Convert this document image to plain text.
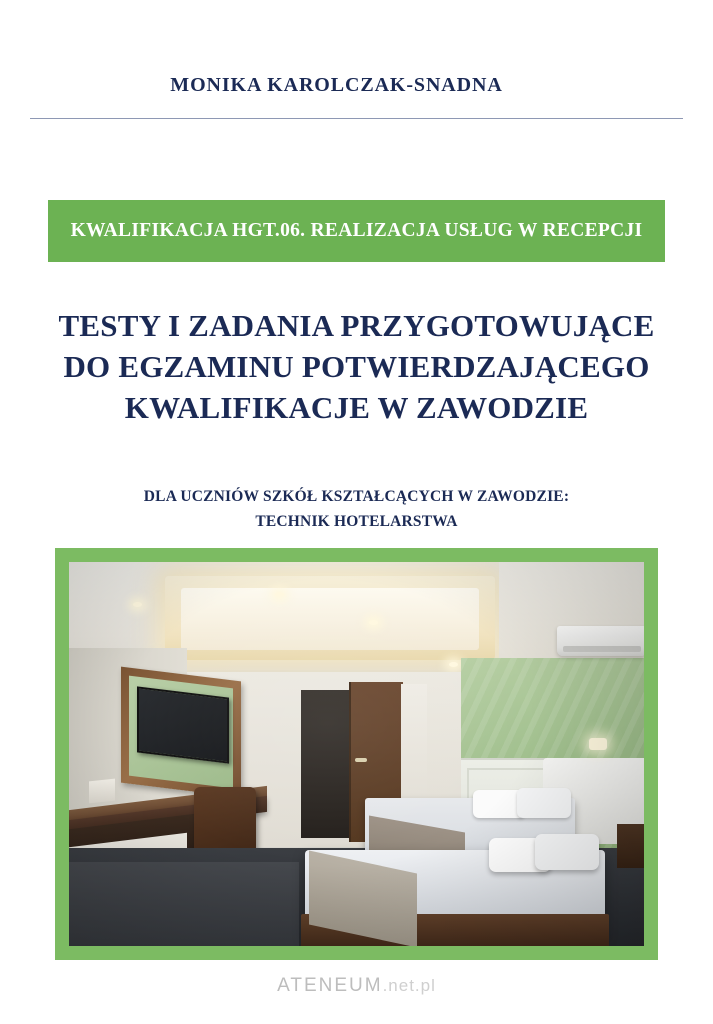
MONIKA KAROLCZAK-SNADNA
KWALIFIKACJA HGT.06. REALIZACJA USŁUG W RECEPCJI
TESTY I ZADANIA PRZYGOTOWUJĄCE
DO EGZAMINU POTWIERDZAJĄCEGO
KWALIFIKACJE W ZAWODZIE
DLA UCZNIÓW SZKÓŁ KSZTAŁCĄCYCH W ZAWODZIE:
TECHNIK HOTELARSTWA
ATENEUM.net.pl
